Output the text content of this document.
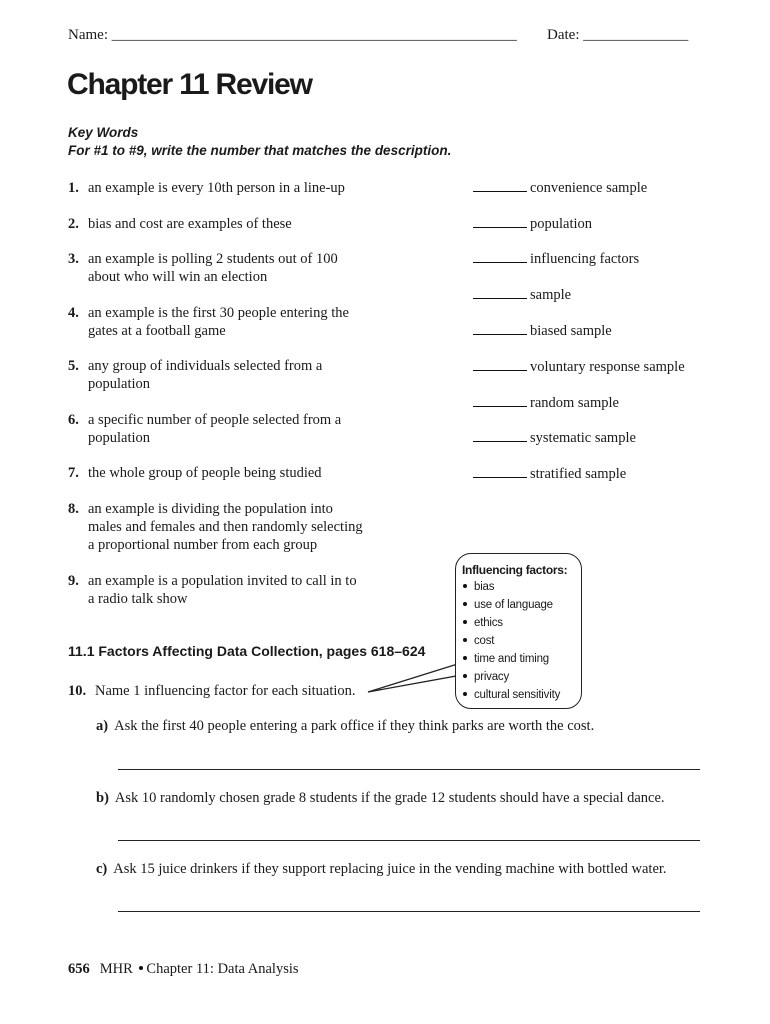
Name: ______________________________________________________ Date: ______________
Chapter 11 Review
Key Words
For #1 to #9, write the number that matches the description.
1. an example is every 10th person in a line-up
2. bias and cost are examples of these
3. an example is polling 2 students out of 100
about who will win an election
4. an example is the first 30 people entering the
gates at a football game
5. any group of individuals selected from a
population
6. a specific number of people selected from a
population
7. the whole group of people being studied
8. an example is dividing the population into
males and females and then randomly selecting
a proportional number from each group
9. an example is a population invited to call in to
a radio talk show
convenience sample
population
influencing factors
sample
biased sample
voluntary response sample
random sample
systematic sample
stratified sample
11.1 Factors Affecting Data Collection, pages 618–624
10. Name 1 influencing factor for each situation.
Influencing factors:
bias
use of language
ethics
cost
time and timing
privacy
cultural sensitivity
a) Ask the first 40 people entering a park office if they think parks are worth the cost.
b) Ask 10 randomly chosen grade 8 students if the grade 12 students should have a special dance.
c) Ask 15 juice drinkers if they support replacing juice in the vending machine with bottled water.
656 MHR Chapter 11: Data Analysis
